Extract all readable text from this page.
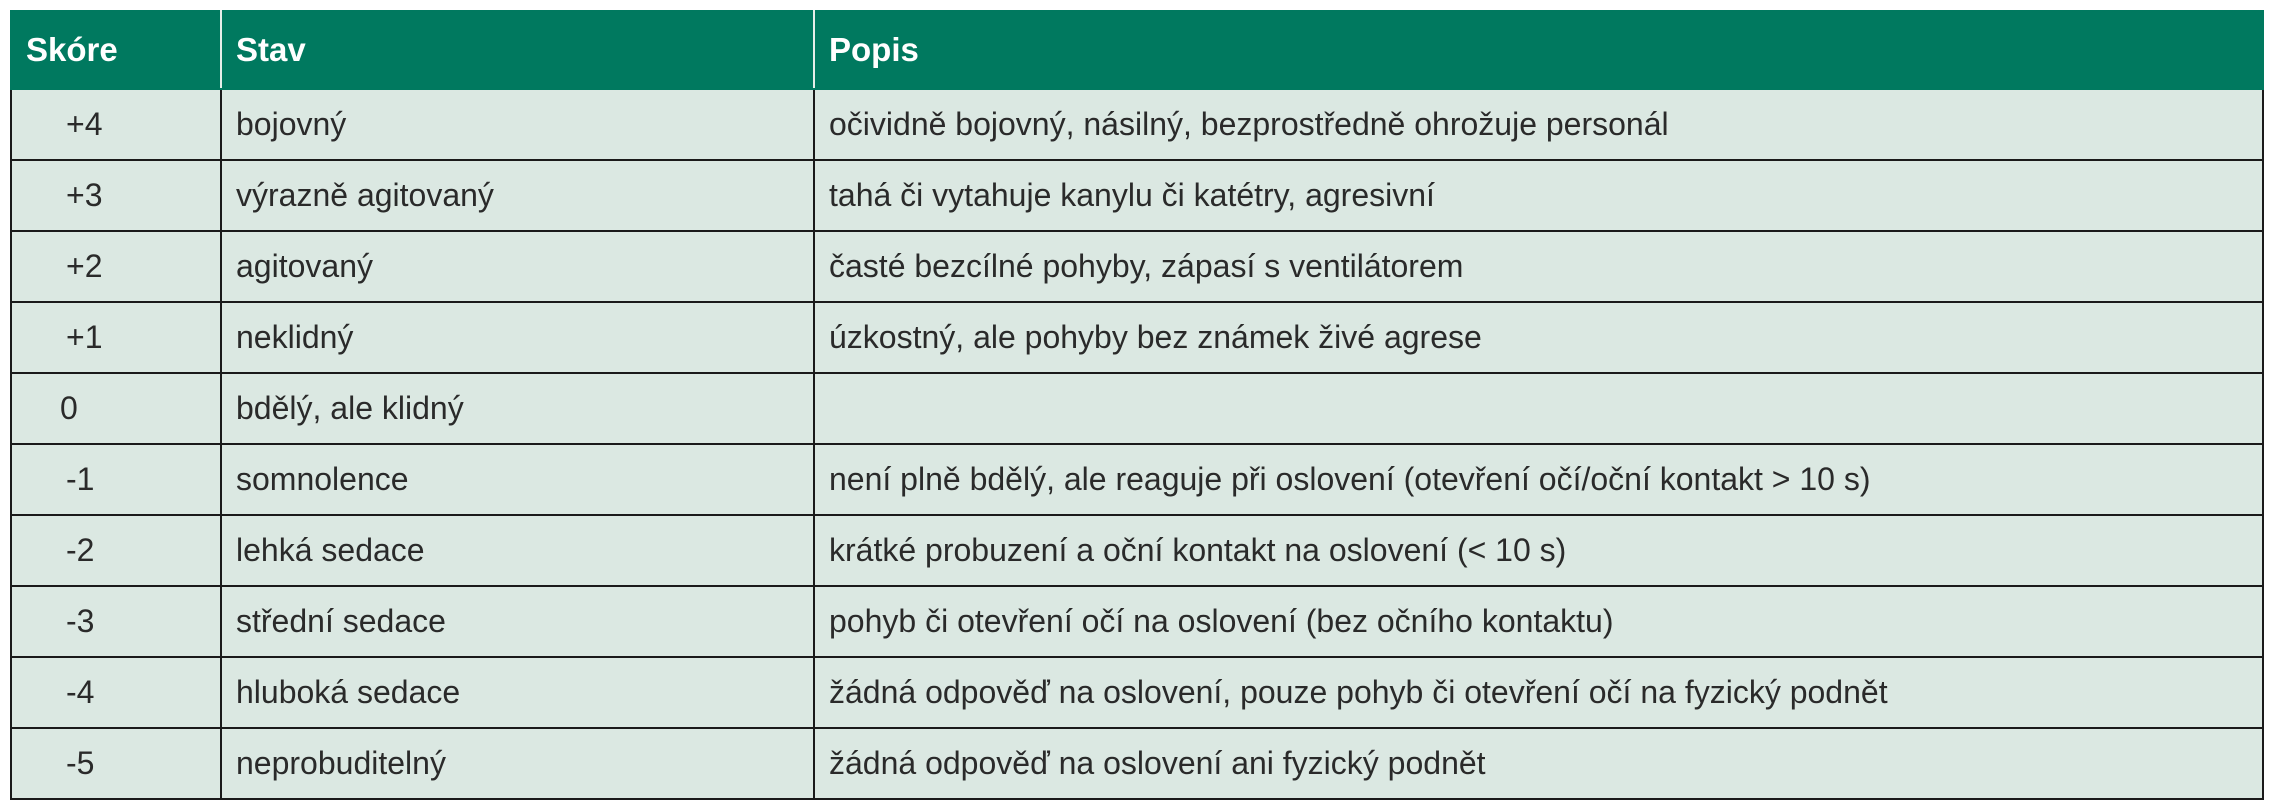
Skóre	Stav	Popis
+4	bojovný	očividně bojovný, násilný, bezprostředně ohrožuje personál
+3	výrazně agitovaný	tahá či vytahuje kanylu či katétry, agresivní
+2	agitovaný	časté bezcílné pohyby, zápasí s ventilátorem
+1	neklidný	úzkostný, ale pohyby bez známek živé agrese
0	bdělý, ale klidný	
-1	somnolence	není plně bdělý, ale reaguje při oslovení (otevření očí/oční kontakt > 10 s)
-2	lehká sedace	krátké probuzení a oční kontakt na oslovení (< 10 s)
-3	střední sedace	pohyb či otevření očí na oslovení (bez očního kontaktu)
-4	hluboká sedace	žádná odpověď na oslovení, pouze pohyb či otevření očí na fyzický podnět
-5	neprobuditelný	žádná odpověď na oslovení ani fyzický podnět
